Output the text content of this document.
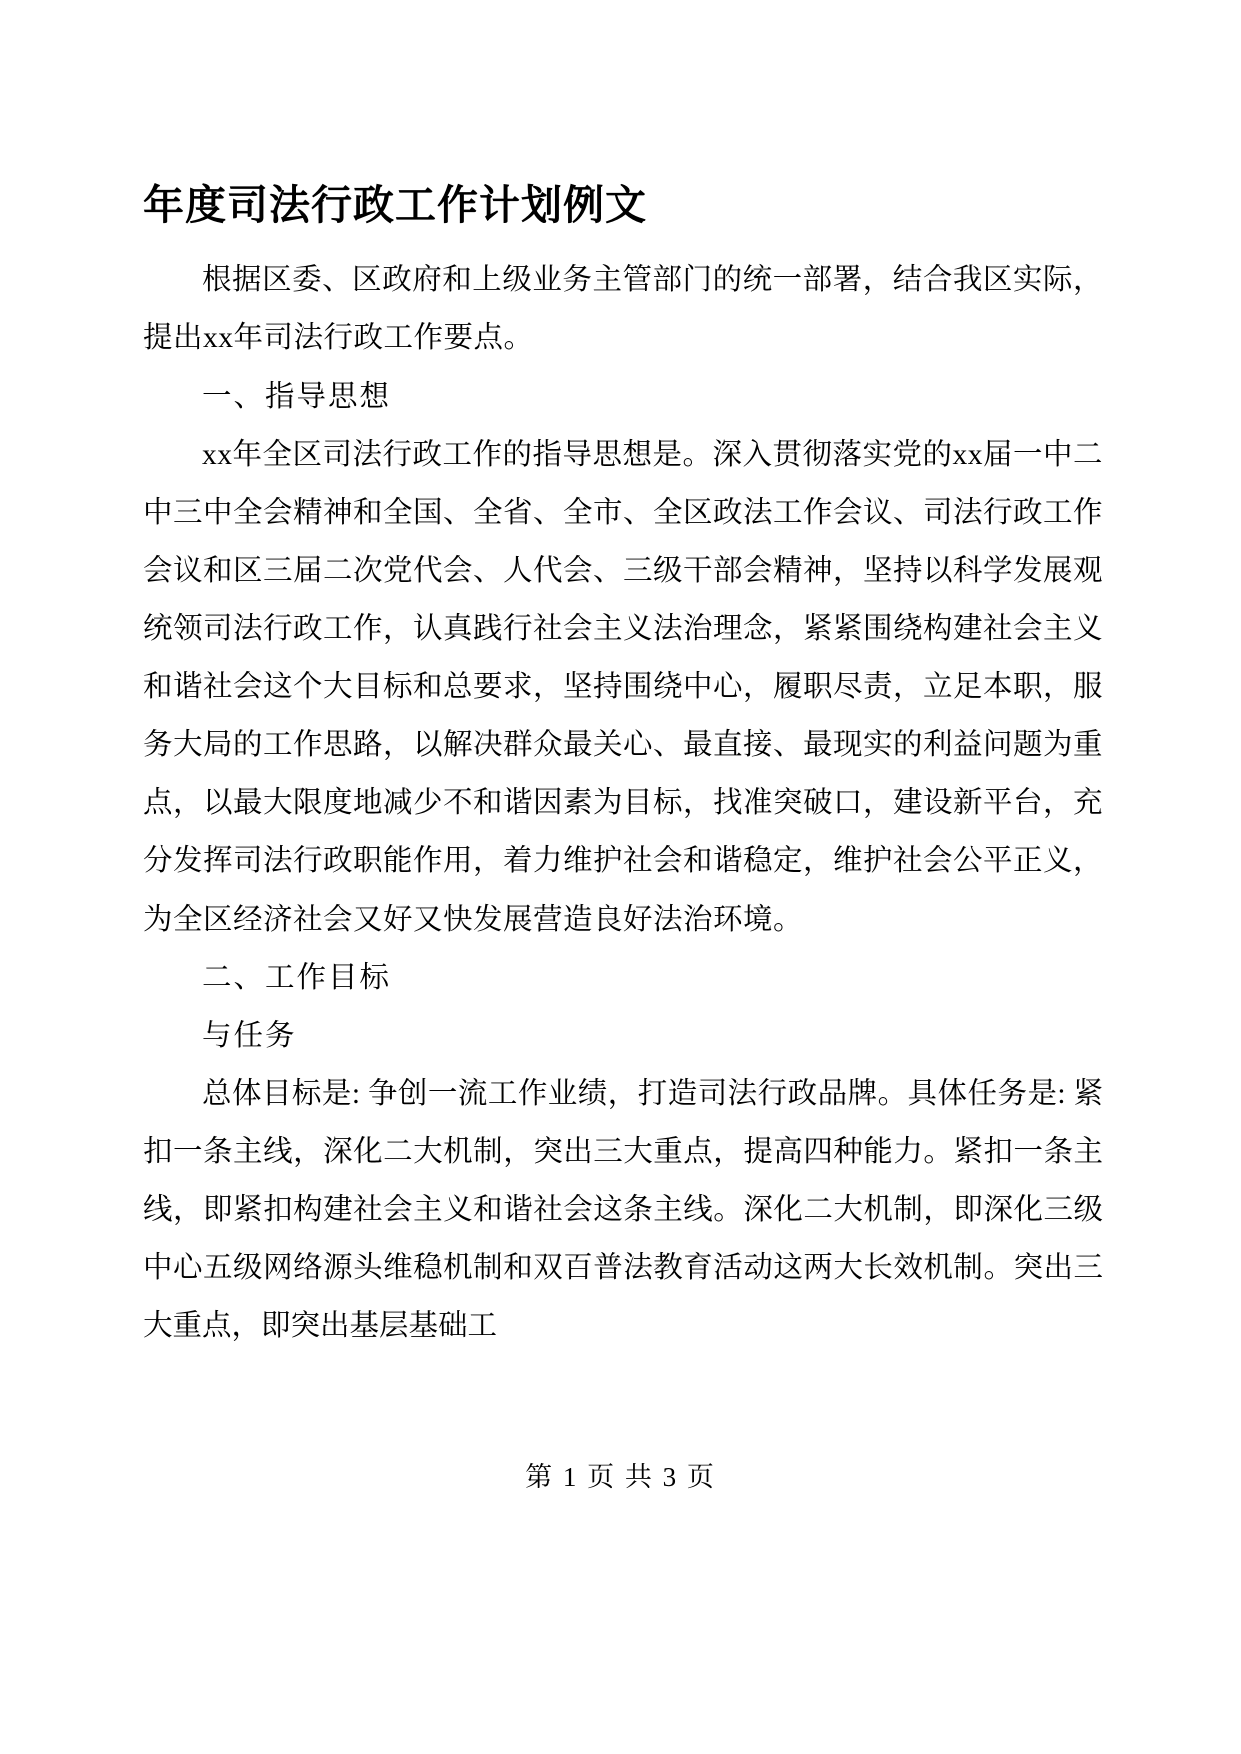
年度司法行政工作计划例文

根据区委、区政府和上级业务主管部门的统一部署，结合我区实际，提出xx年司法行政工作要点。

一、指导思想

xx年全区司法行政工作的指导思想是。深入贯彻落实党的xx届一中二中三中全会精神和全国、全省、全市、全区政法工作会议、司法行政工作会议和区三届二次党代会、人代会、三级干部会精神，坚持以科学发展观统领司法行政工作，认真践行社会主义法治理念，紧紧围绕构建社会主义和谐社会这个大目标和总要求，坚持围绕中心，履职尽责，立足本职，服务大局的工作思路，以解决群众最关心、最直接、最现实的利益问题为重点，以最大限度地减少不和谐因素为目标，找准突破口，建设新平台，充分发挥司法行政职能作用，着力维护社会和谐稳定，维护社会公平正义，为全区经济社会又好又快发展营造良好法治环境。

二、工作目标

与任务

总体目标是: 争创一流工作业绩，打造司法行政品牌。具体任务是: 紧扣一条主线，深化二大机制，突出三大重点，提高四种能力。紧扣一条主线，即紧扣构建社会主义和谐社会这条主线。深化二大机制，即深化三级中心五级网络源头维稳机制和双百普法教育活动这两大长效机制。突出三大重点，即突出基层基础工

第 1 页 共 3 页
